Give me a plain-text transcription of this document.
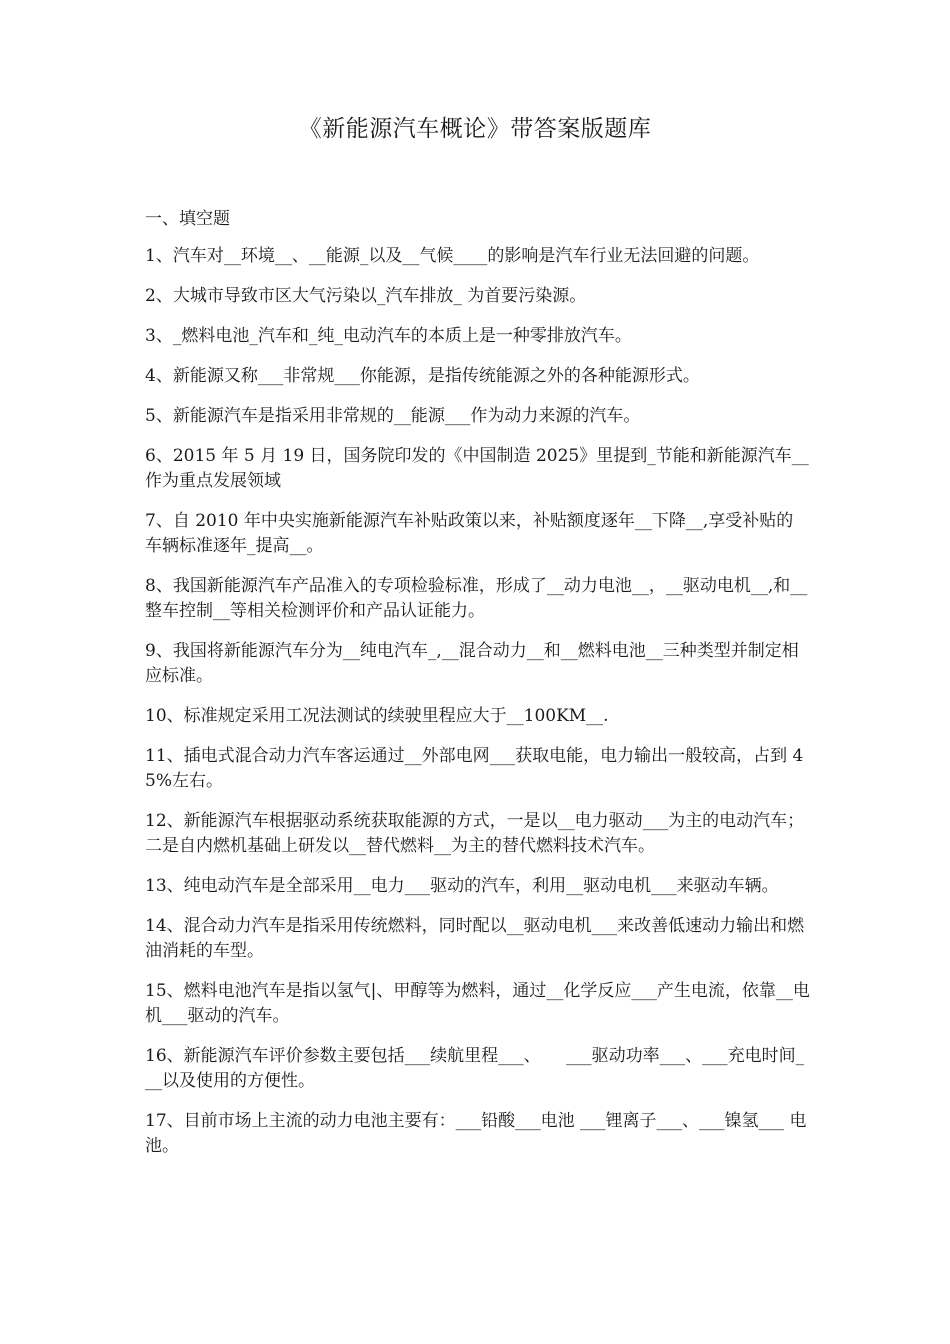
《新能源汽车概论》带答案版题库
一、填空题
1、汽车对__环境__、__能源_以及__气候____的影响是汽车行业无法回避的问题。
2、大城市导致市区大气污染以_汽车排放_ 为首要污染源。
3、_燃料电池_汽车和_纯_电动汽车的本质上是一种零排放汽车。
4、新能源又称___非常规___你能源，是指传统能源之外的各种能源形式。
5、新能源汽车是指采用非常规的__能源___作为动力来源的汽车。
6、2015 年 5 月 19 日，国务院印发的《中国制造 2025》里提到_节能和新能源汽车__作为重点发展领域
7、自 2010 年中央实施新能源汽车补贴政策以来，补贴额度逐年__下降__,享受补贴的车辆标准逐年_提高__。
8、我国新能源汽车产品准入的专项检验标准，形成了__动力电池__，__驱动电机__,和__整车控制__等相关检测评价和产品认证能力。
9、我国将新能源汽车分为__纯电汽车_,__混合动力__和__燃料电池__三种类型并制定相应标准。
10、标准规定采用工况法测试的续驶里程应大于__100KM__.
11、插电式混合动力汽车客运通过__外部电网___获取电能，电力输出一般较高，占到 45%左右。
12、新能源汽车根据驱动系统获取能源的方式，一是以__电力驱动___为主的电动汽车；二是自内燃机基础上研发以__替代燃料__为主的替代燃料技术汽车。
13、纯电动汽车是全部采用__电力___驱动的汽车，利用__驱动电机___来驱动车辆。
14、混合动力汽车是指采用传统燃料，同时配以__驱动电机___来改善低速动力输出和燃油消耗的车型。
15、燃料电池汽车是指以氢气|、甲醇等为燃料，通过__化学反应___产生电流，依靠__电机___驱动的汽车。
16、新能源汽车评价参数主要包括___续航里程___、　　___驱动功率___、___充电时间___以及使用的方便性。
17、目前市场上主流的动力电池主要有：___铅酸___电池 ___锂离子___、___镍氢___ 电池。
